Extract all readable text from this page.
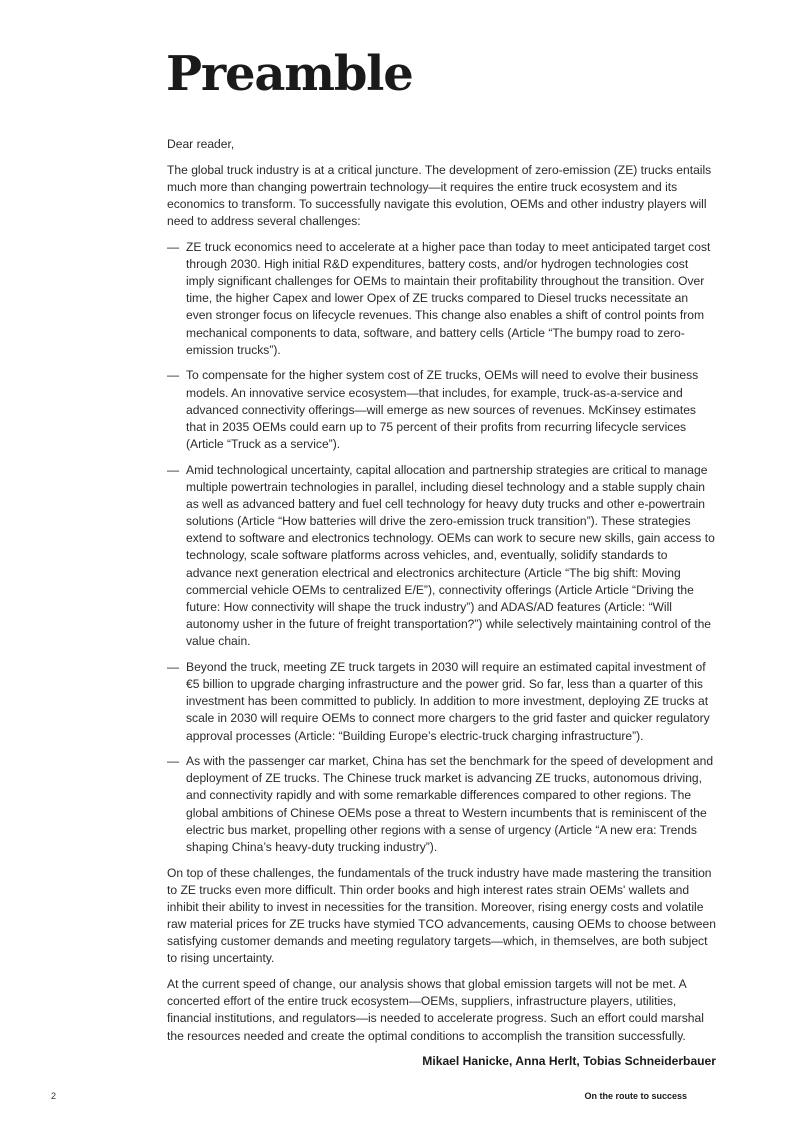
Preamble

Dear reader,

The global truck industry is at a critical juncture. The development of zero-emission (ZE) trucks entails much more than changing powertrain technology—it requires the entire truck ecosystem and its economics to transform. To successfully navigate this evolution, OEMs and other industry players will need to address several challenges:

— ZE truck economics need to accelerate at a higher pace than today to meet anticipated target cost through 2030. High initial R&D expenditures, battery costs, and/or hydrogen technologies cost imply significant challenges for OEMs to maintain their profitability throughout the transition. Over time, the higher Capex and lower Opex of ZE trucks compared to Diesel trucks necessitate an even stronger focus on lifecycle revenues. This change also enables a shift of control points from mechanical components to data, software, and battery cells (Article “The bumpy road to zero-emission trucks”).
— To compensate for the higher system cost of ZE trucks, OEMs will need to evolve their business models. An innovative service ecosystem—that includes, for example, truck-as-a-service and advanced connectivity offerings—will emerge as new sources of revenues. McKinsey estimates that in 2035 OEMs could earn up to 75 percent of their profits from recurring lifecycle services (Article “Truck as a service”).
— Amid technological uncertainty, capital allocation and partnership strategies are critical to manage multiple powertrain technologies in parallel, including diesel technology and a stable supply chain as well as advanced battery and fuel cell technology for heavy duty trucks and other e-powertrain solutions (Article “How batteries will drive the zero-emission truck transition”). These strategies extend to software and electronics technology. OEMs can work to secure new skills, gain access to technology, scale software platforms across vehicles, and, eventually, solidify standards to advance next generation electrical and electronics architecture (Article “The big shift: Moving commercial vehicle OEMs to centralized E/E”), connectivity offerings (Article Article “Driving the future: How connectivity will shape the truck industry”) and ADAS/AD features (Article: “Will autonomy usher in the future of freight transportation?”) while selectively maintaining control of the value chain.
— Beyond the truck, meeting ZE truck targets in 2030 will require an estimated capital investment of €5 billion to upgrade charging infrastructure and the power grid. So far, less than a quarter of this investment has been committed to publicly. In addition to more investment, deploying ZE trucks at scale in 2030 will require OEMs to connect more chargers to the grid faster and quicker regulatory approval processes (Article: “Building Europe’s electric-truck charging infrastructure”).
— As with the passenger car market, China has set the benchmark for the speed of development and deployment of ZE trucks. The Chinese truck market is advancing ZE trucks, autonomous driving, and connectivity rapidly and with some remarkable differences compared to other regions. The global ambitions of Chinese OEMs pose a threat to Western incumbents that is reminiscent of the electric bus market, propelling other regions with a sense of urgency (Article “A new era: Trends shaping China’s heavy-duty trucking industry”).

On top of these challenges, the fundamentals of the truck industry have made mastering the transition to ZE trucks even more difficult. Thin order books and high interest rates strain OEMs' wallets and inhibit their ability to invest in necessities for the transition. Moreover, rising energy costs and volatile raw material prices for ZE trucks have stymied TCO advancements, causing OEMs to choose between satisfying customer demands and meeting regulatory targets—which, in themselves, are both subject to rising uncertainty.

At the current speed of change, our analysis shows that global emission targets will not be met. A concerted effort of the entire truck ecosystem—OEMs, suppliers, infrastructure players, utilities, financial institutions, and regulators—is needed to accelerate progress. Such an effort could marshal the resources needed and create the optimal conditions to accomplish the transition successfully.

Mikael Hanicke, Anna Herlt, Tobias Schneiderbauer

2	On the route to success
